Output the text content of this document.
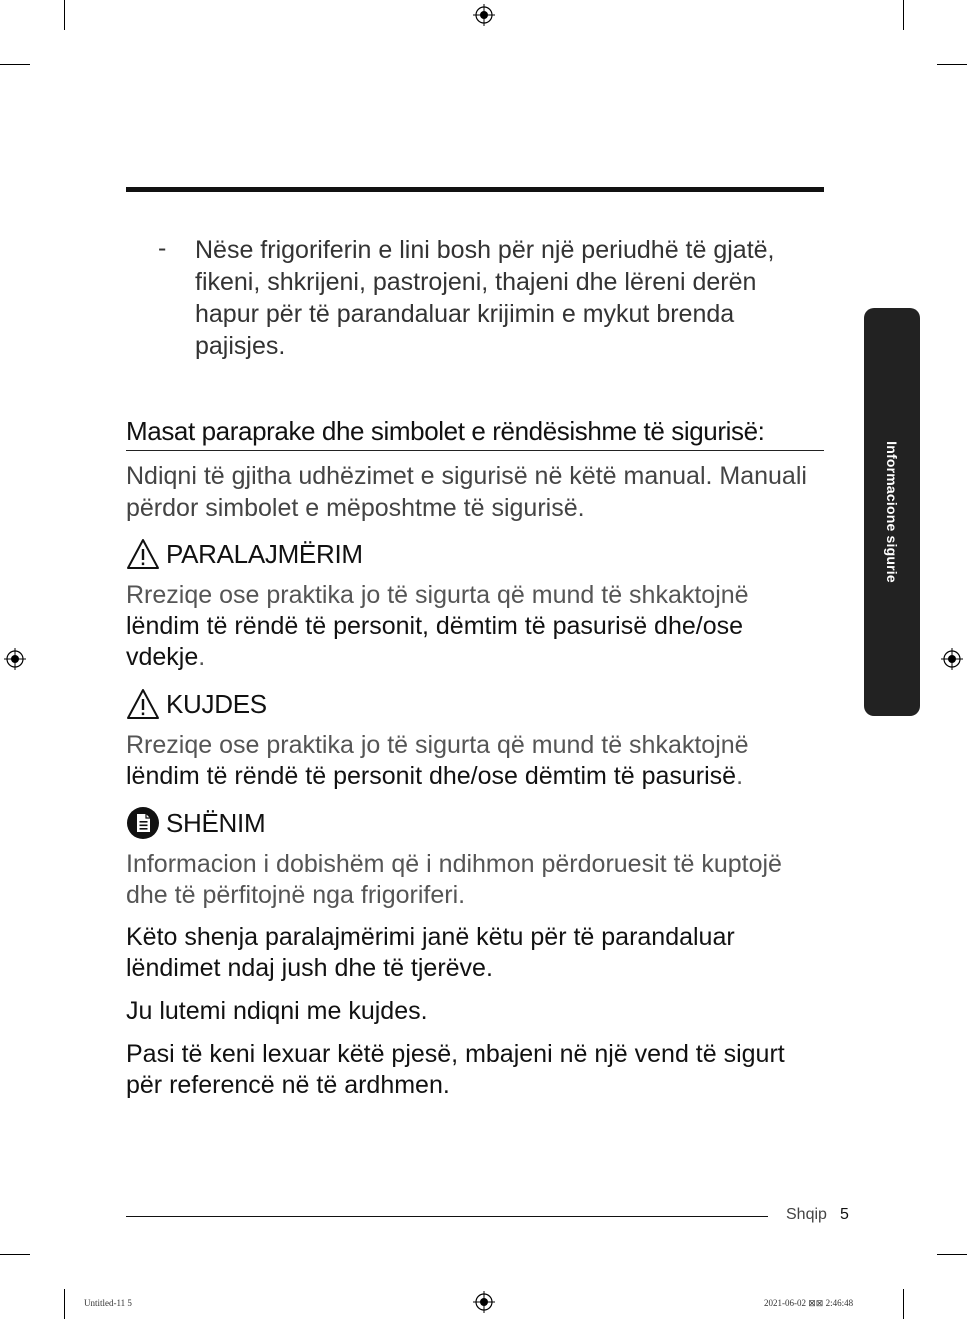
- Nëse frigoriferin e lini bosh për një periudhë të gjatë, fikeni, shkrijeni, pastrojeni, thajeni dhe lëreni derën hapur për të parandaluar krijimin e mykut brenda pajisjes.
Masat paraprake dhe simbolet e rëndësishme të sigurisë:
Ndiqni të gjitha udhëzimet e sigurisë në këtë manual. Manuali përdor simbolet e mëposhtme të sigurisë.
PARALAJMËRIM
Rreziqe ose praktika jo të sigurta që mund të shkaktojnë lëndim të rëndë të personit, dëmtim të pasurisë dhe/ose vdekje.
KUJDES
Rreziqe ose praktika jo të sigurta që mund të shkaktojnë lëndim të rëndë të personit dhe/ose dëmtim të pasurisë.
SHËNIM
Informacion i dobishëm që i ndihmon përdoruesit të kuptojë dhe të përfitojnë nga frigoriferi.
Këto shenja paralajmërimi janë këtu për të parandaluar lëndimet ndaj jush dhe të tjerëve.
Ju lutemi ndiqni me kujdes.
Pasi të keni lexuar këtë pjesë, mbajeni në një vend të sigurt për referencë në të ardhmen.
Informacione sigurie
Shqip 5
Untitled-11 5	2021-06-02 ⊠⊠ 2:46:48
